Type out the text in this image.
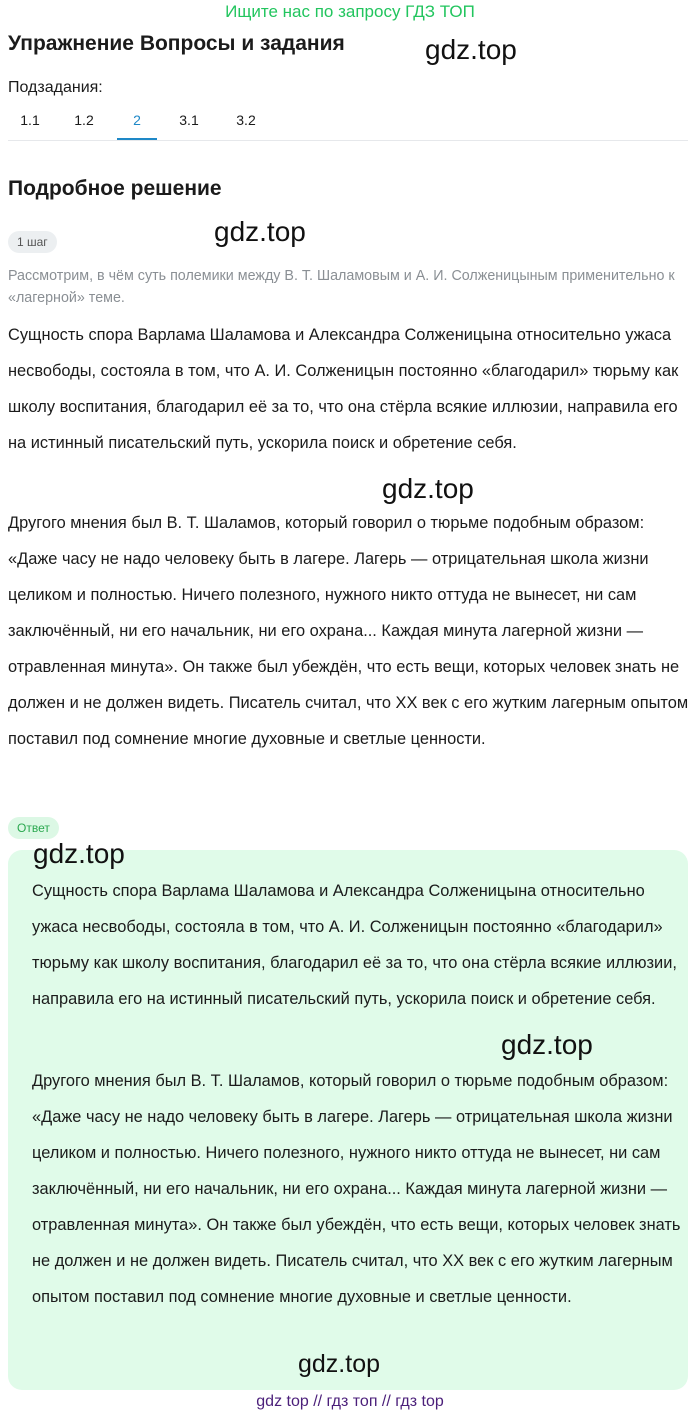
Ищите нас по запросу ГДЗ ТОП
Упражнение Вопросы и задания	gdz.top
Подзадания:
1.1	1.2	2	3.1	3.2
Подробное решение
1 шаг	gdz.top
Рассмотрим, в чём суть полемики между В. Т. Шаламовым и А. И. Солженицыным применительно к «лагерной» теме.
Сущность спора Варлама Шаламова и Александра Солженицына относительно ужаса несвободы, состояла в том, что А. И. Солженицын постоянно «благодарил» тюрьму как школу воспитания, благодарил её за то, что она стёрла всякие иллюзии, направила его на истинный писательский путь, ускорила поиск и обретение себя.
gdz.top
Другого мнения был В. Т. Шаламов, который говорил о тюрьме подобным образом: «Даже часу не надо человеку быть в лагере. Лагерь — отрицательная школа жизни целиком и полностью. Ничего полезного, нужного никто оттуда не вынесет, ни сам заключённый, ни его начальник, ни его охрана... Каждая минута лагерной жизни — отравленная минута». Он также был убеждён, что есть вещи, которых человек знать не должен и не должен видеть. Писатель считал, что XX век с его жутким лагерным опытом поставил под сомнение многие духовные и светлые ценности.
Ответ
gdz.top
Сущность спора Варлама Шаламова и Александра Солженицына относительно ужаса несвободы, состояла в том, что А. И. Солженицын постоянно «благодарил» тюрьму как школу воспитания, благодарил её за то, что она стёрла всякие иллюзии, направила его на истинный писательский путь, ускорила поиск и обретение себя.
gdz.top
Другого мнения был В. Т. Шаламов, который говорил о тюрьме подобным образом: «Даже часу не надо человеку быть в лагере. Лагерь — отрицательная школа жизни целиком и полностью. Ничего полезного, нужного никто оттуда не вынесет, ни сам заключённый, ни его начальник, ни его охрана... Каждая минута лагерной жизни — отравленная минута». Он также был убеждён, что есть вещи, которых человек знать не должен и не должен видеть. Писатель считал, что XX век с его жутким лагерным опытом поставил под сомнение многие духовные и светлые ценности.
gdz.top
gdz top // гдз топ // гдз top
